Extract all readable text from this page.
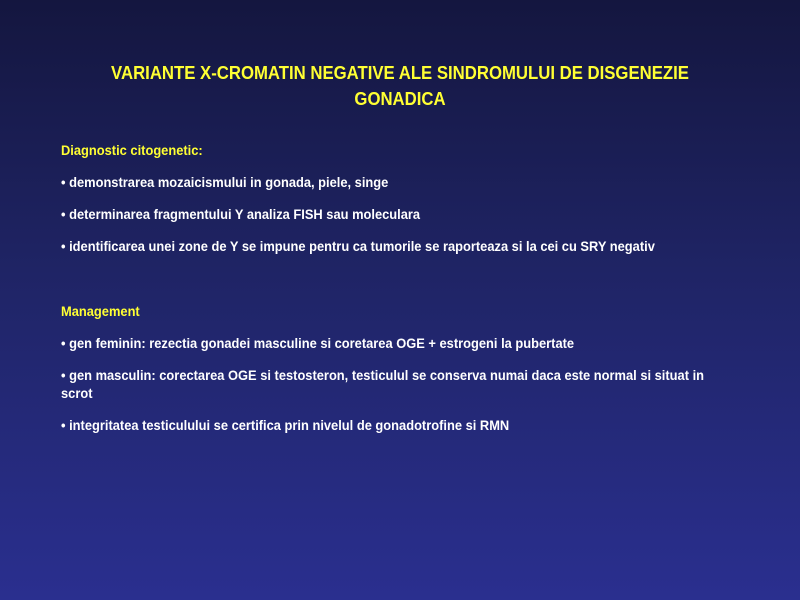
VARIANTE X-CROMATIN NEGATIVE ALE SINDROMULUI DE DISGENEZIE GONADICA
Diagnostic citogenetic:
• demonstrarea mozaicismului in gonada, piele, singe
• determinarea fragmentului Y analiza FISH sau moleculara
• identificarea unei zone de Y se impune pentru ca tumorile se raporteaza si la cei cu SRY negativ
Management
• gen feminin: rezectia gonadei masculine si coretarea OGE + estrogeni la pubertate
• gen masculin: corectarea OGE si testosteron, testiculul se conserva numai daca este normal si situat in scrot
• integritatea testiculului se certifica prin nivelul de gonadotrofine si RMN
